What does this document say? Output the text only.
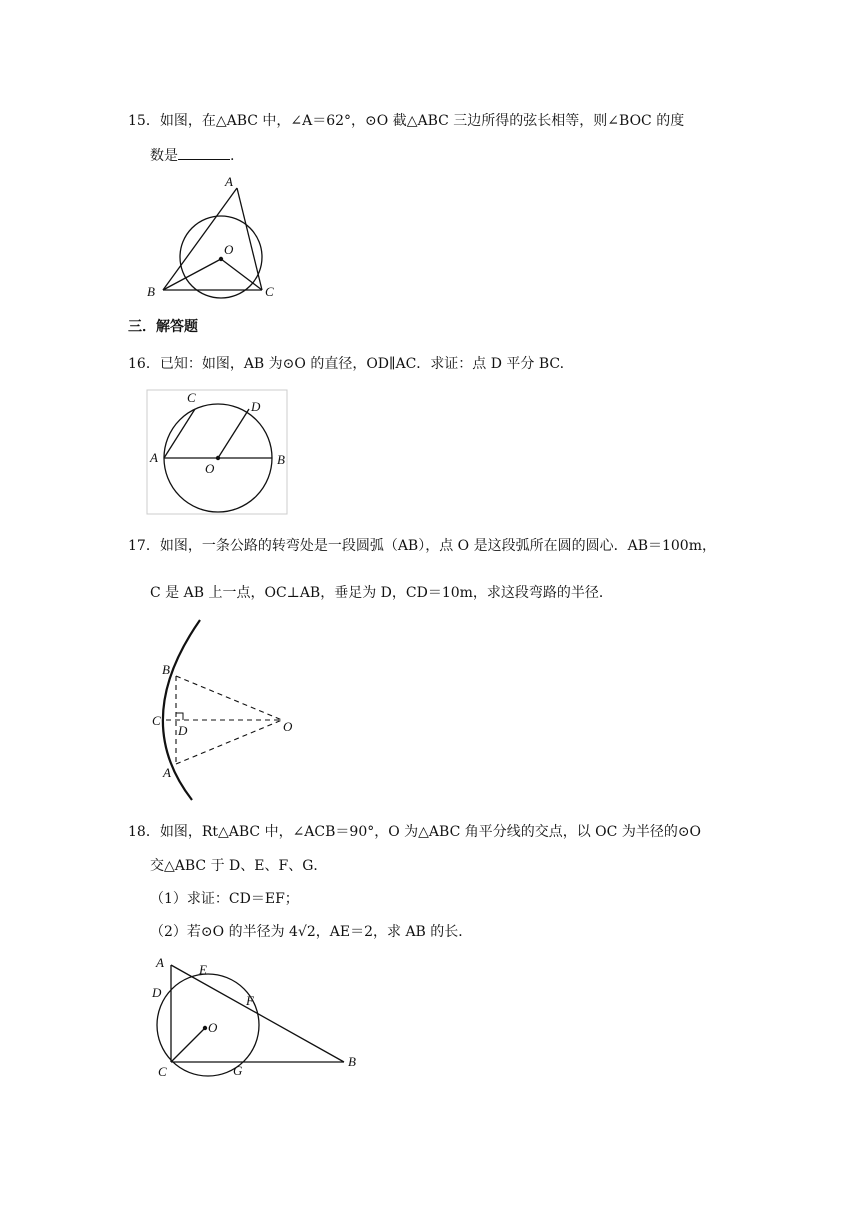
15．如图，在△ABC 中，∠A＝62°，⊙O 截△ABC 三边所得的弦长相等，则∠BOC 的度
数是	.
A
B	C
O
三．解答题
16．已知：如图，AB 为⊙O 的直径，OD∥AC．求证：点 D 平分 BC.
A	B
C
D
O
17．如图，一条公路的转弯处是一段圆弧（AB），点 O 是这段弧所在圆的圆心．AB＝100m，
C 是 AB 上一点，OC⊥AB，垂足为 D，CD＝10m，求这段弯路的半径．
B
C
D
A
O
18．如图，Rt△ABC 中，∠ACB＝90°，O 为△ABC 角平分线的交点，以 OC 为半径的⊙O
交△ABC 于 D、E、F、G．
（1）求证：CD＝EF；
（2）若⊙O 的半径为 4√2，AE＝2，求 AB 的长．
A	E
D
F
O
C	G
B
